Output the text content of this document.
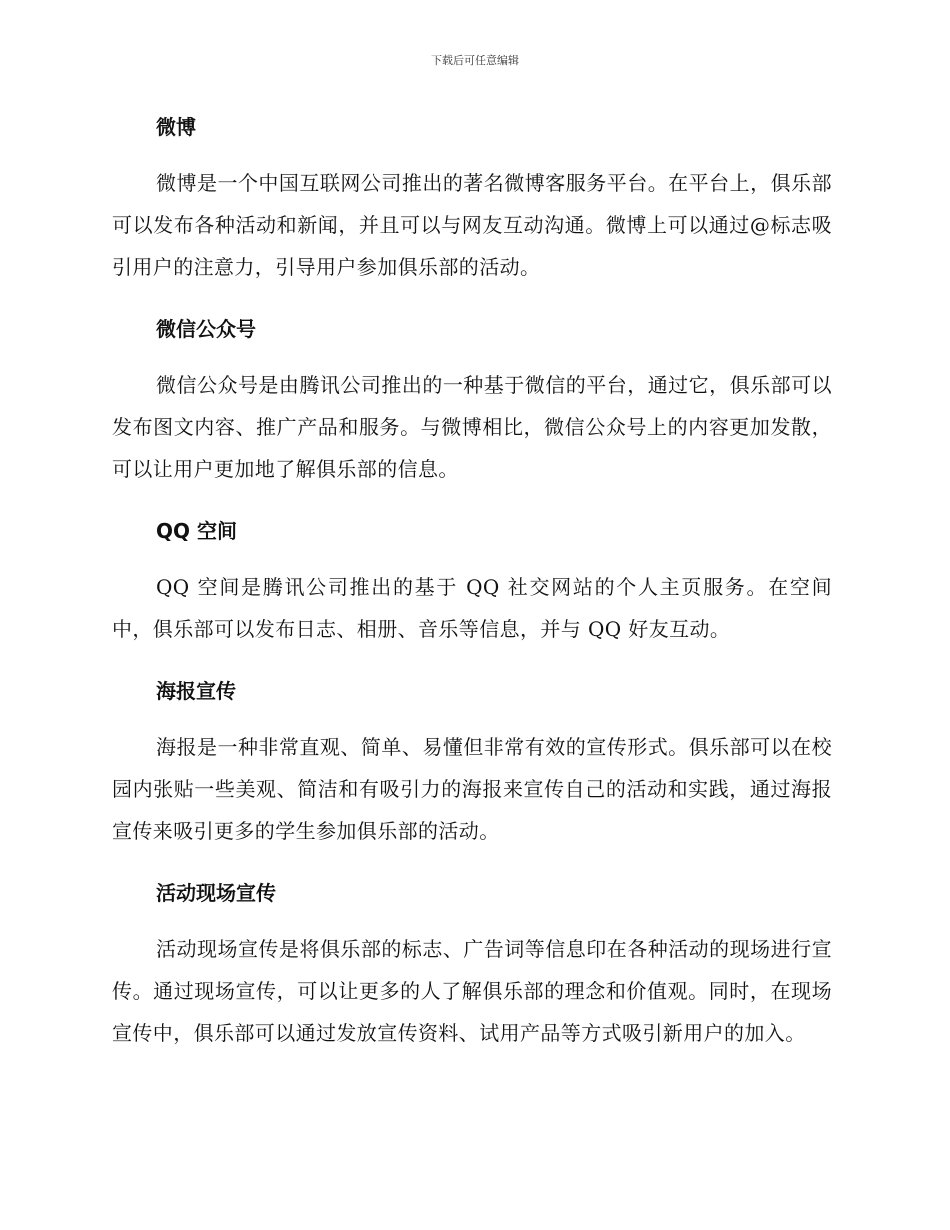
下载后可任意编辑
微博

微博是一个中国互联网公司推出的著名微博客服务平台。在平台上，俱乐部可以发布各种活动和新闻，并且可以与网友互动沟通。微博上可以通过@标志吸引用户的注意力，引导用户参加俱乐部的活动。

微信公众号

微信公众号是由腾讯公司推出的一种基于微信的平台，通过它，俱乐部可以发布图文内容、推广产品和服务。与微博相比，微信公众号上的内容更加发散，可以让用户更加地了解俱乐部的信息。

QQ 空间

QQ 空间是腾讯公司推出的基于 QQ 社交网站的个人主页服务。在空间中，俱乐部可以发布日志、相册、音乐等信息，并与 QQ 好友互动。

海报宣传

海报是一种非常直观、简单、易懂但非常有效的宣传形式。俱乐部可以在校园内张贴一些美观、简洁和有吸引力的海报来宣传自己的活动和实践，通过海报宣传来吸引更多的学生参加俱乐部的活动。

活动现场宣传

活动现场宣传是将俱乐部的标志、广告词等信息印在各种活动的现场进行宣传。通过现场宣传，可以让更多的人了解俱乐部的理念和价值观。同时，在现场宣传中，俱乐部可以通过发放宣传资料、试用产品等方式吸引新用户的加入。
